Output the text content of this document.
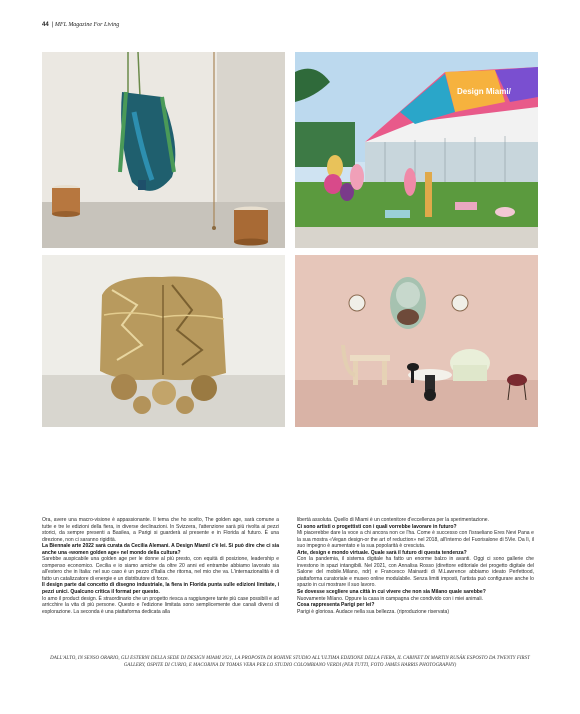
44 | MFL Magazine For Living
Design Miami/

Ora, avere una macro-visione è appassionante. Il tema che ho scelto, The golden age, sarà comune a tutte e tre le edizioni della fiera, in diverse declinazioni. In Svizzera, l'attenzione sarà più rivolta ai pezzi storici, da sempre presenti a Basilea, a Parigi si guarderà al presente e in Florida al futuro. È una direzione, non ci saranno rigidità.

La Biennale arte 2022 sarà curata da Cecilia Alemani. A Design Miami/ c'è lei. Si può dire che ci sia anche una «women golden age» nel mondo della cultura?

Sarebbe auspicabile una golden age per le donne al più presto, con equità di posizione, leadership e compenso economico. Cecilia e io siamo amiche da oltre 20 anni ed entrambe abbiamo lavorato sia all'estero che in Italia: nel suo caso è un pezzo d'Italia che ritorna, nel mio che va. L'internazionalità è di fatto un catalizzatore di energie e un distributore di forze.

Il design parte dal concetto di disegno industriale, la fiera in Florida punta sulle edizioni limitate, i pezzi unici. Qualcuno critica il format per questo.

Io amo il product design. È straordinario che un progetto riesca a raggiungere tante più case possibili e ad arricchire la vita di più persone. Questo e l'edizione limitata sono semplicemente due canali diversi di esplorazione. La seconda è una piattaforma dedicata alla

libertà assoluta. Quello di Miami è un contenitore d'eccellenza per la sperimentazione.

Ci sono artisti o progettisti con i quali vorrebbe lavorare in futuro?

Mi piacerebbe dare la voce a chi ancora non ce l'ha. Come è successo con l'israeliano Eres Nevi Pana e la sua mostra «Vegan design-or the art of reduction» nel 2018, all'interno del Fuorisalone di 5Vie. Da lì, il suo impegno è aumentato e la sua popolarità è cresciuta.

Arte, design e mondo virtuale. Quale sarà il futuro di questa tendenza?

Con la pandemia, il sistema digitale ha fatto un enorme balzo in avanti. Oggi ci sono gallerie che investono in spazi intangibili. Nel 2021, con Annalisa Rosso (direttore editoriale dei progetto digitale del Salone del mobile.Milano, ndr) e Francesco Mainardi di M.Lawrence abbiamo ideato Perfettood, piattaforma curatoriale e museo online modulabile. Senza limiti imposti, l'artista può configurare anche lo spazio in cui mostrare il suo lavoro.

Se dovesse scegliere una città in cui vivere che non sia Milano quale sarebbe?

Nuovamente Milano. Oppure la casa in campagna che condivido con i miei animali.

Cosa rappresenta Parigi per lei?

Parigi è gloriosa. Audace nella sua bellezza. (riproduzione riservata)

DALL'ALTO, IN SENSO ORARIO, GLI ESTERNI DELLA SEDE DI DESIGN MIAMI 2021, LA PROPOSTA DI ROHINE STUDIO ALL'ULTIMA EDIZIONE DELLA FIERA, IL CABINET DI MARTIN RUSÁK ESPOSTO DA TWENTY FIRST GALLERY, OSPITE DI CURIO, E MACORINA DI TOMAS VERA PER LO STUDIO COLOMBIANO VERDI (PER TUTTI, FOTO JAMES HARRIS PHOTOGRAPHY)
